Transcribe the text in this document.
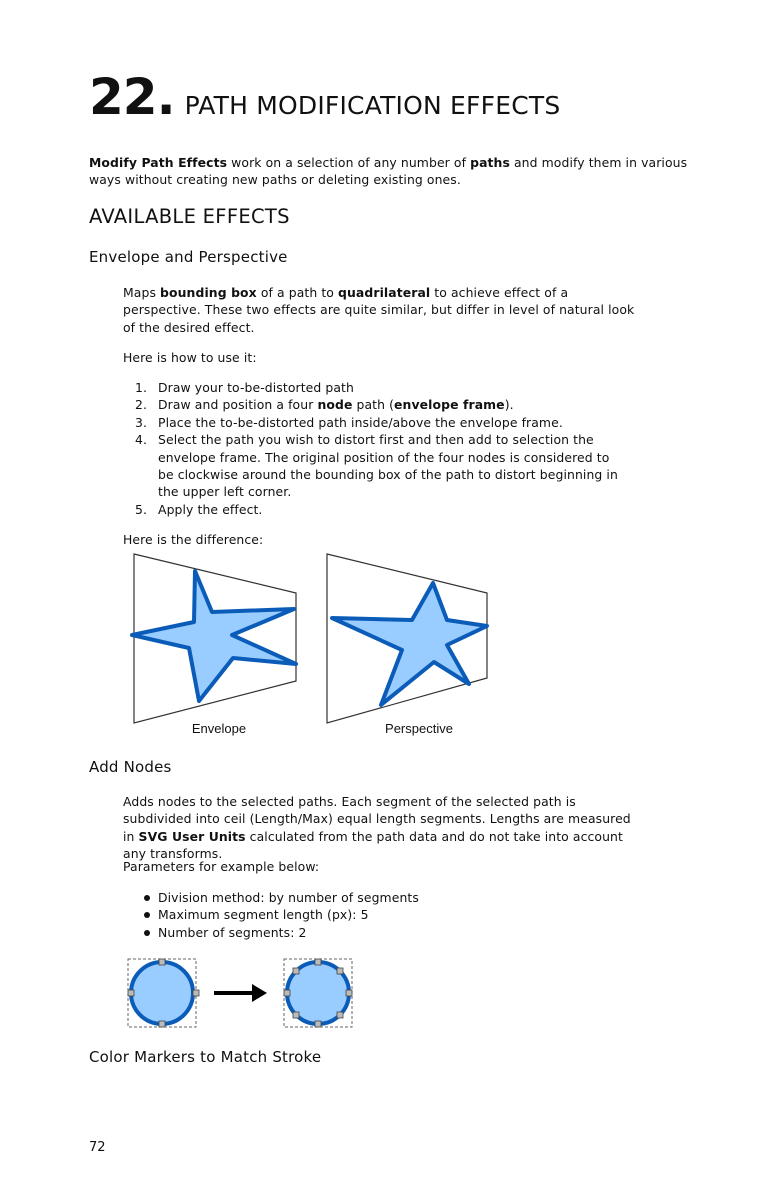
22. PATH MODIFICATION EFFECTS
Modify Path Effects work on a selection of any number of paths and modify them in various ways without creating new paths or deleting existing ones.
AVAILABLE EFFECTS
Envelope and Perspective
Maps bounding box of a path to quadrilateral to achieve effect of a perspective. These two effects are quite similar, but differ in level of natural look of the desired effect.
Here is how to use it:
1. Draw your to-be-distorted path
2. Draw and position a four node path (envelope frame).
3. Place the to-be-distorted path inside/above the envelope frame.
4. Select the path you wish to distort first and then add to selection the envelope frame. The original position of the four nodes is considered to be clockwise around the bounding box of the path to distort beginning in the upper left corner.
5. Apply the effect.
Here is the difference:
Envelope	Perspective
Add Nodes
Adds nodes to the selected paths. Each segment of the selected path is subdivided into ceil (Length/Max) equal length segments. Lengths are measured in SVG User Units calculated from the path data and do not take into account any transforms.
Parameters for example below:
Division method: by number of segments
Maximum segment length (px): 5
Number of segments: 2
Color Markers to Match Stroke
72
